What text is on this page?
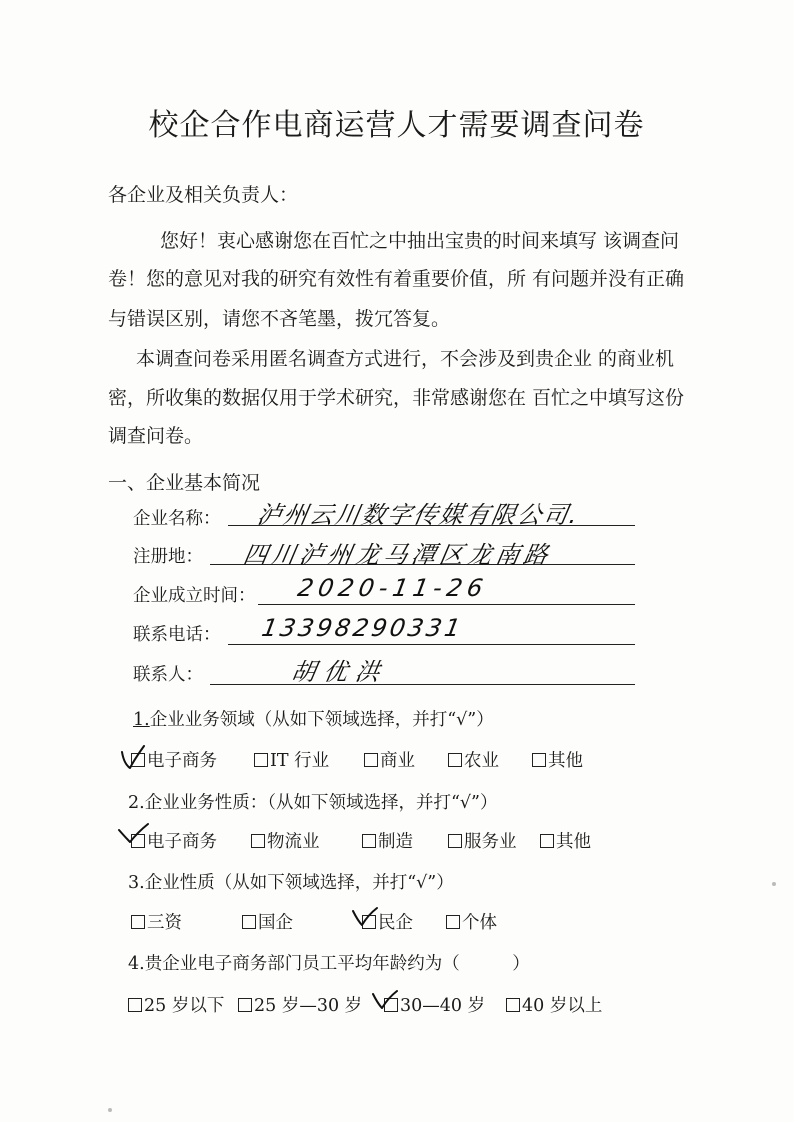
校企合作电商运营人才需要调查问卷
各企业及相关负责人：
您好！衷心感谢您在百忙之中抽出宝贵的时间来填写 该调查问
卷！您的意见对我的研究有效性有着重要价值，所 有问题并没有正确
与错误区别，请您不吝笔墨，拨冗答复。
本调查问卷采用匿名调查方式进行，不会涉及到贵企业 的商业机
密，所收集的数据仅用于学术研究，非常感谢您在 百忙之中填写这份
调查问卷。
一、企业基本简况
企业名称： 泸州云川数字传媒有限公司.
注册地： 四川泸州龙马潭区龙南路
企业成立时间： 2020-11-26
联系电话： 13398290331
联系人：	胡优洪
1.企业业务领域（从如下领域选择，并打“√”）
电子商务	IT 行业	商业	农业	其他
2.企业业务性质：（从如下领域选择，并打“√”）
电子商务	物流业	制造	服务业	其他
3.企业性质（从如下领域选择，并打“√”）
三资	国企	民企	个体
4.贵企业电子商务部门员工平均年龄约为（　　　）
25 岁以下	25 岁—30 岁	30—40 岁	40 岁以上
